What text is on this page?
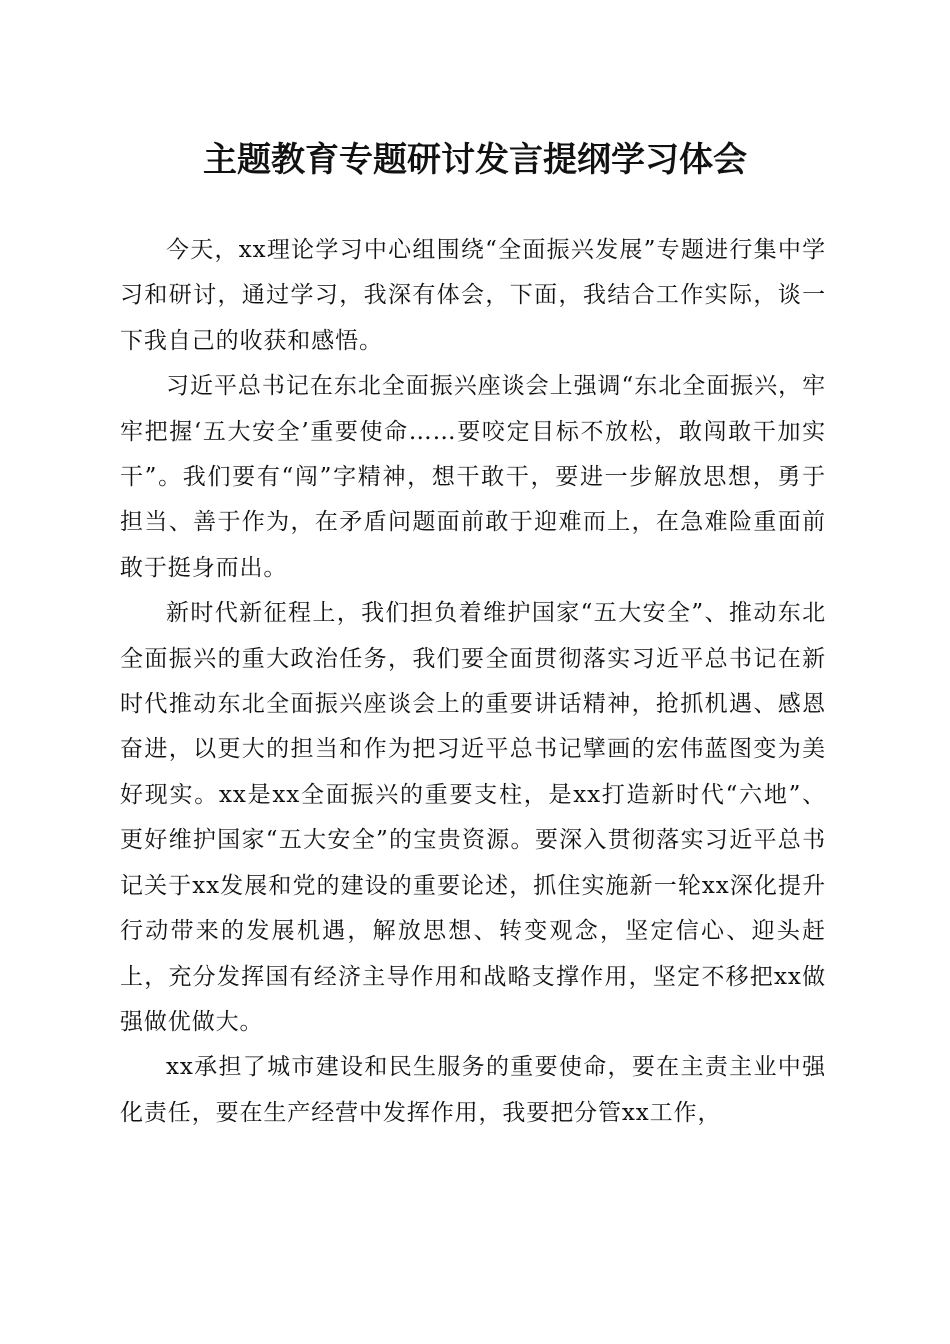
主题教育专题研讨发言提纲学习体会

今天，xx理论学习中心组围绕“全面振兴发展”专题进行集中学习和研讨，通过学习，我深有体会，下面，我结合工作实际，谈一下我自己的收获和感悟。

习近平总书记在东北全面振兴座谈会上强调“东北全面振兴，牢牢把握‘五大安全’重要使命……要咬定目标不放松，敢闯敢干加实干”。我们要有“闯”字精神，想干敢干，要进一步解放思想，勇于担当、善于作为，在矛盾问题面前敢于迎难而上，在急难险重面前敢于挺身而出。

新时代新征程上，我们担负着维护国家“五大安全”、推动东北全面振兴的重大政治任务，我们要全面贯彻落实习近平总书记在新时代推动东北全面振兴座谈会上的重要讲话精神，抢抓机遇、感恩奋进，以更大的担当和作为把习近平总书记擘画的宏伟蓝图变为美好现实。xx是xx全面振兴的重要支柱，是xx打造新时代“六地”、更好维护国家“五大安全”的宝贵资源。要深入贯彻落实习近平总书记关于xx发展和党的建设的重要论述，抓住实施新一轮xx深化提升行动带来的发展机遇，解放思想、转变观念，坚定信心、迎头赶上，充分发挥国有经济主导作用和战略支撑作用，坚定不移把xx做强做优做大。

xx承担了城市建设和民生服务的重要使命，要在主责主业中强化责任，要在生产经营中发挥作用，我要把分管xx工作，
